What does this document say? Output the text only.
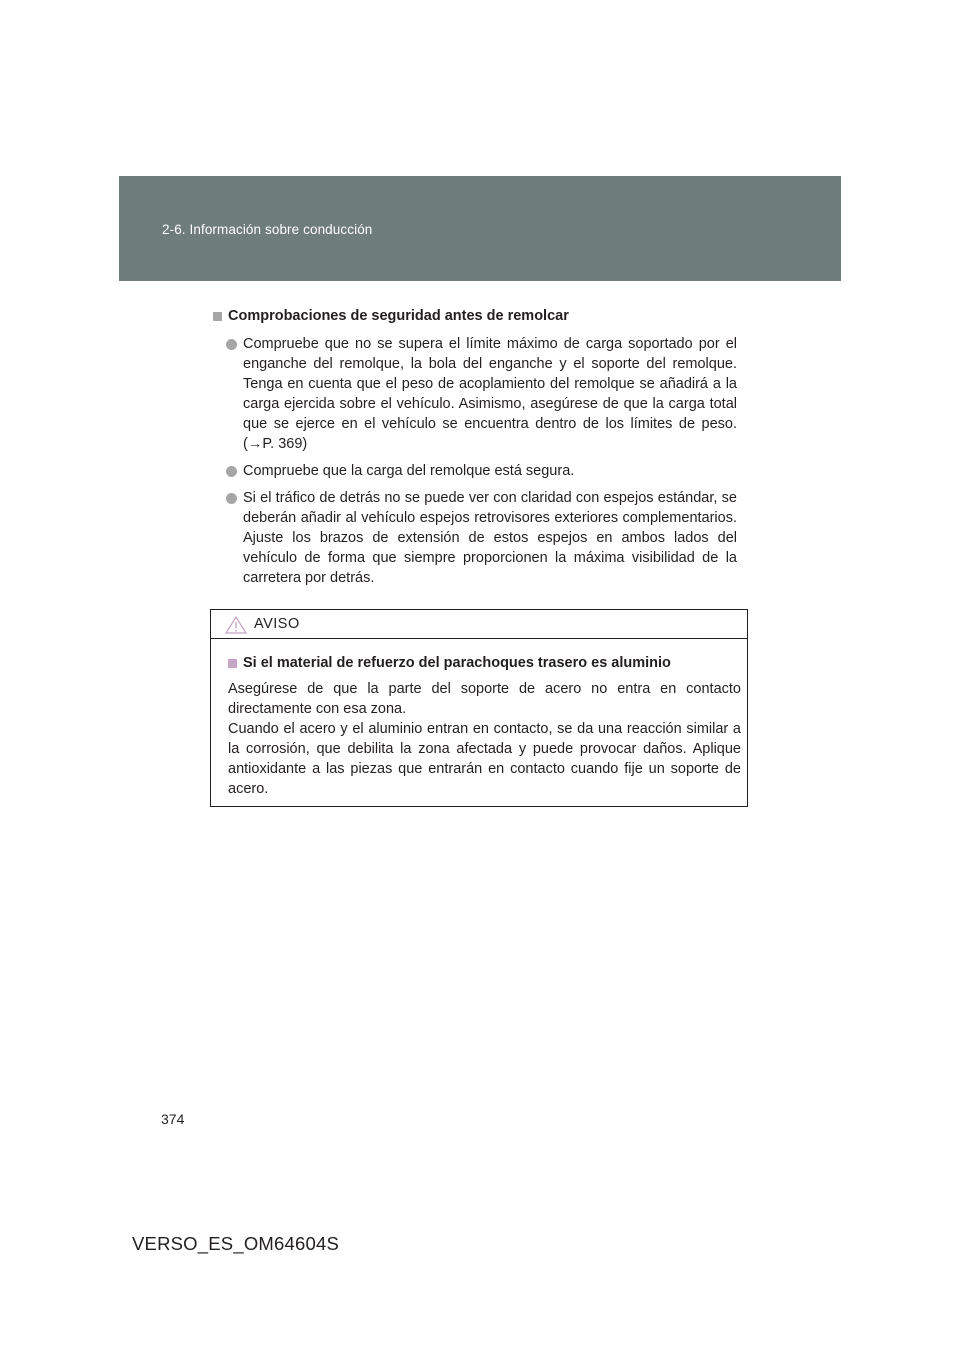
2-6. Información sobre conducción
Comprobaciones de seguridad antes de remolcar
Compruebe que no se supera el límite máximo de carga soportado por el enganche del remolque, la bola del enganche y el soporte del remolque. Tenga en cuenta que el peso de acoplamiento del remolque se añadirá a la carga ejercida sobre el vehículo. Asimismo, asegúrese de que la carga total que se ejerce en el vehículo se encuentra dentro de los límites de peso. (→P. 369)
Compruebe que la carga del remolque está segura.
Si el tráfico de detrás no se puede ver con claridad con espejos estándar, se deberán añadir al vehículo espejos retrovisores exteriores complementarios. Ajuste los brazos de extensión de estos espejos en ambos lados del vehículo de forma que siempre proporcionen la máxima visibilidad de la carretera por detrás.
AVISO
Si el material de refuerzo del parachoques trasero es aluminio
Asegúrese de que la parte del soporte de acero no entra en contacto directamente con esa zona.
Cuando el acero y el aluminio entran en contacto, se da una reacción similar a la corrosión, que debilita la zona afectada y puede provocar daños. Aplique antioxidante a las piezas que entrarán en contacto cuando fije un soporte de acero.
374
VERSO_ES_OM64604S
